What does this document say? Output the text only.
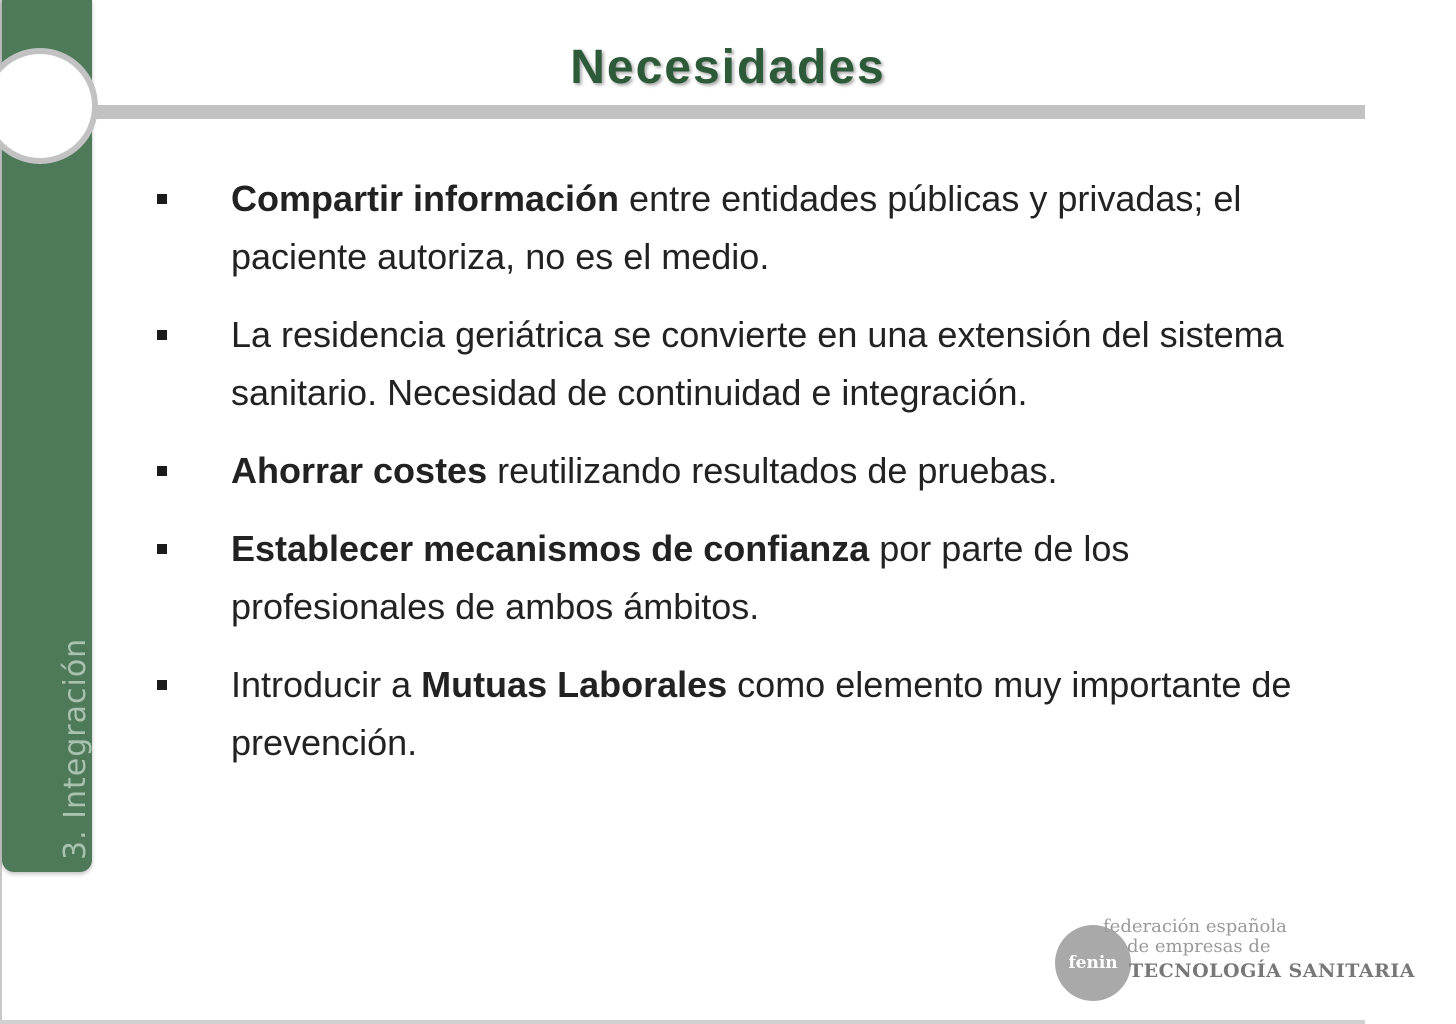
3. Integración
Necesidades
Compartir información entre entidades públicas y privadas; el paciente autoriza, no es el medio.
La residencia geriátrica se convierte en una extensión del sistema sanitario. Necesidad de continuidad e integración.
Ahorrar costes reutilizando resultados de pruebas.
Establecer mecanismos de confianza por parte de los profesionales de ambos ámbitos.
Introducir a Mutuas Laborales como elemento muy importante de prevención.
fenin
federación española
de empresas de
TECNOLOGÍA SANITARIA
